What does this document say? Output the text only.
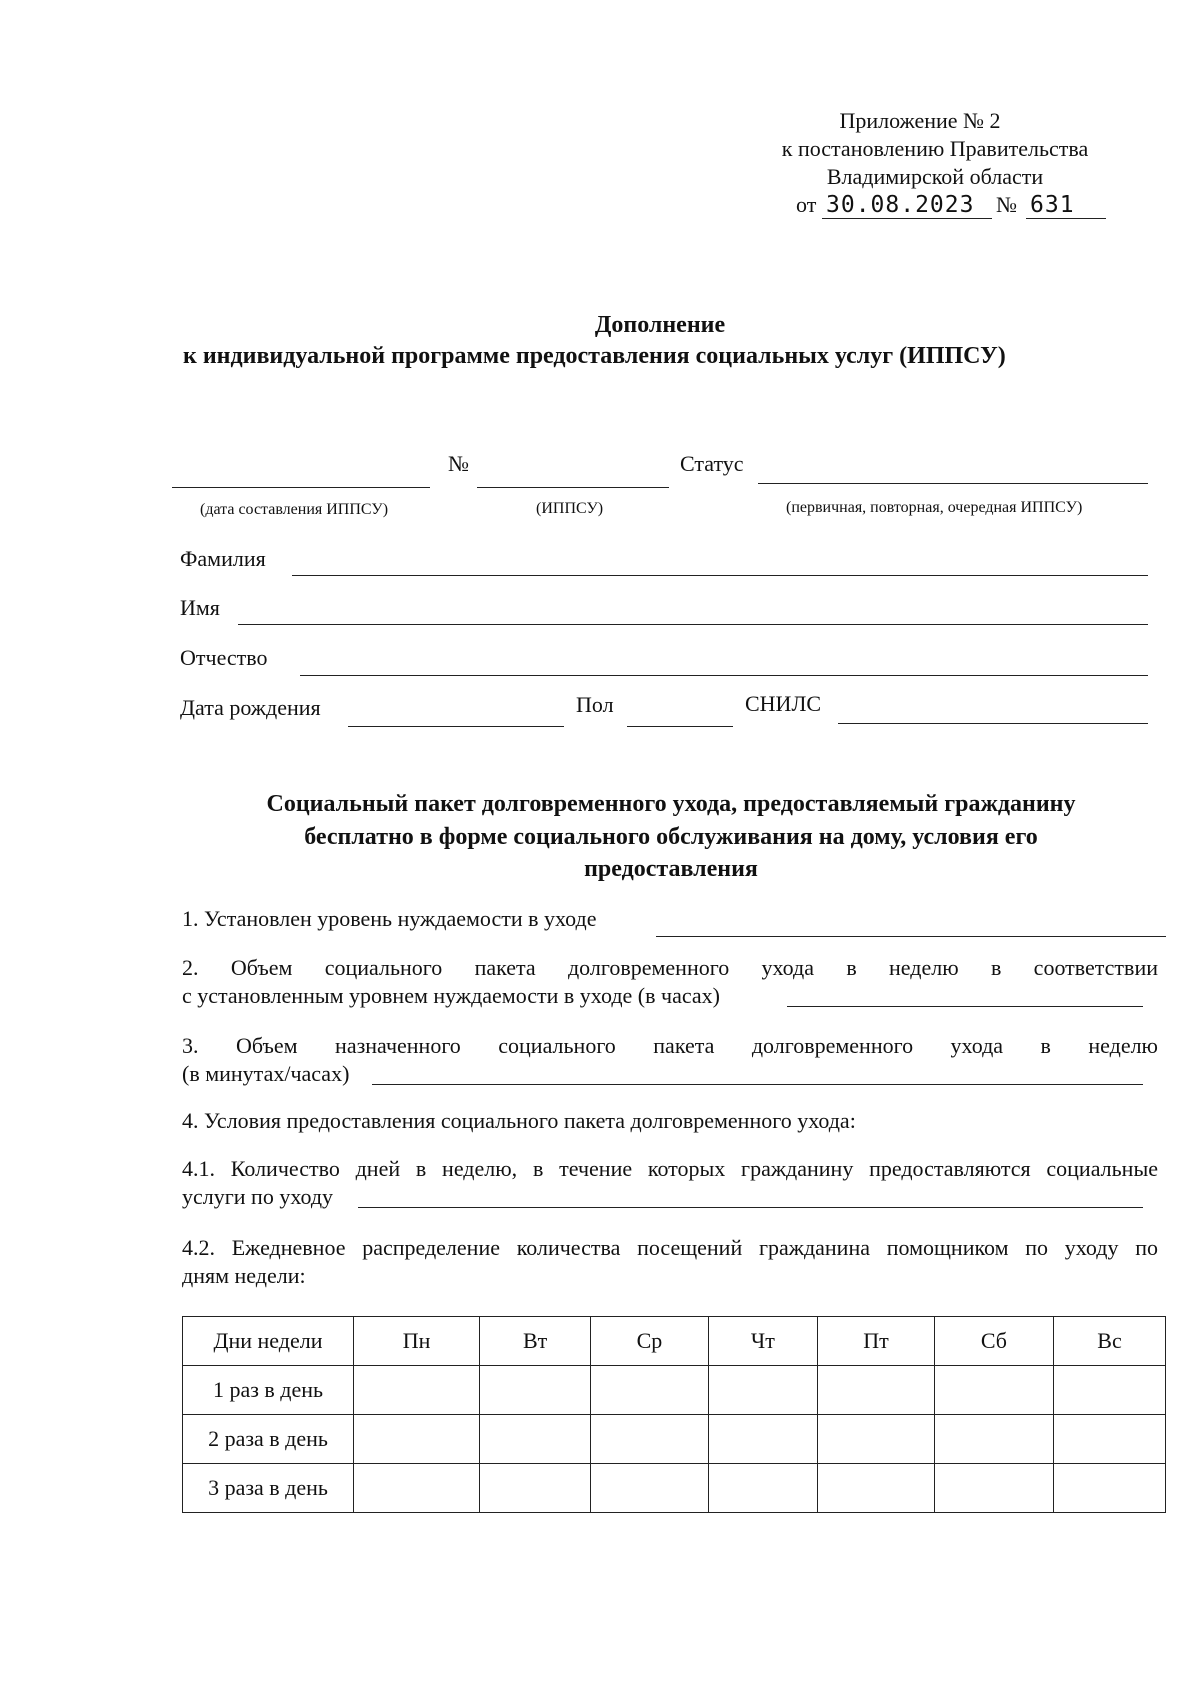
Приложение № 2
к постановлению Правительства
Владимирской области
от 30.08.2023 № 631
Дополнение
к индивидуальной программе предоставления социальных услуг (ИППСУ)
№	Статус
(дата составления ИППСУ)	(ИППСУ)	(первичная, повторная, очередная ИППСУ)
Фамилия
Имя
Отчество
Дата рождения	Пол	СНИЛС
Социальный пакет долговременного ухода, предоставляемый гражданину
бесплатно в форме социального обслуживания на дому, условия его
предоставления
1. Установлен уровень нуждаемости в уходе
2. Объем социального пакета долговременного ухода в неделю в соответствии
с установленным уровнем нуждаемости в уходе (в часах)
3. Объем назначенного социального пакета долговременного ухода в неделю
(в минутах/часах)
4. Условия предоставления социального пакета долговременного ухода:
4.1. Количество дней в неделю, в течение которых гражданину предоставляются социальные
услуги по уходу
4.2. Ежедневное распределение количества посещений гражданина помощником по уходу по
дням недели:
Дни недели	Пн	Вт	Ср	Чт	Пт	Сб	Вс
1 раз в день							
2 раза в день							
3 раза в день							
